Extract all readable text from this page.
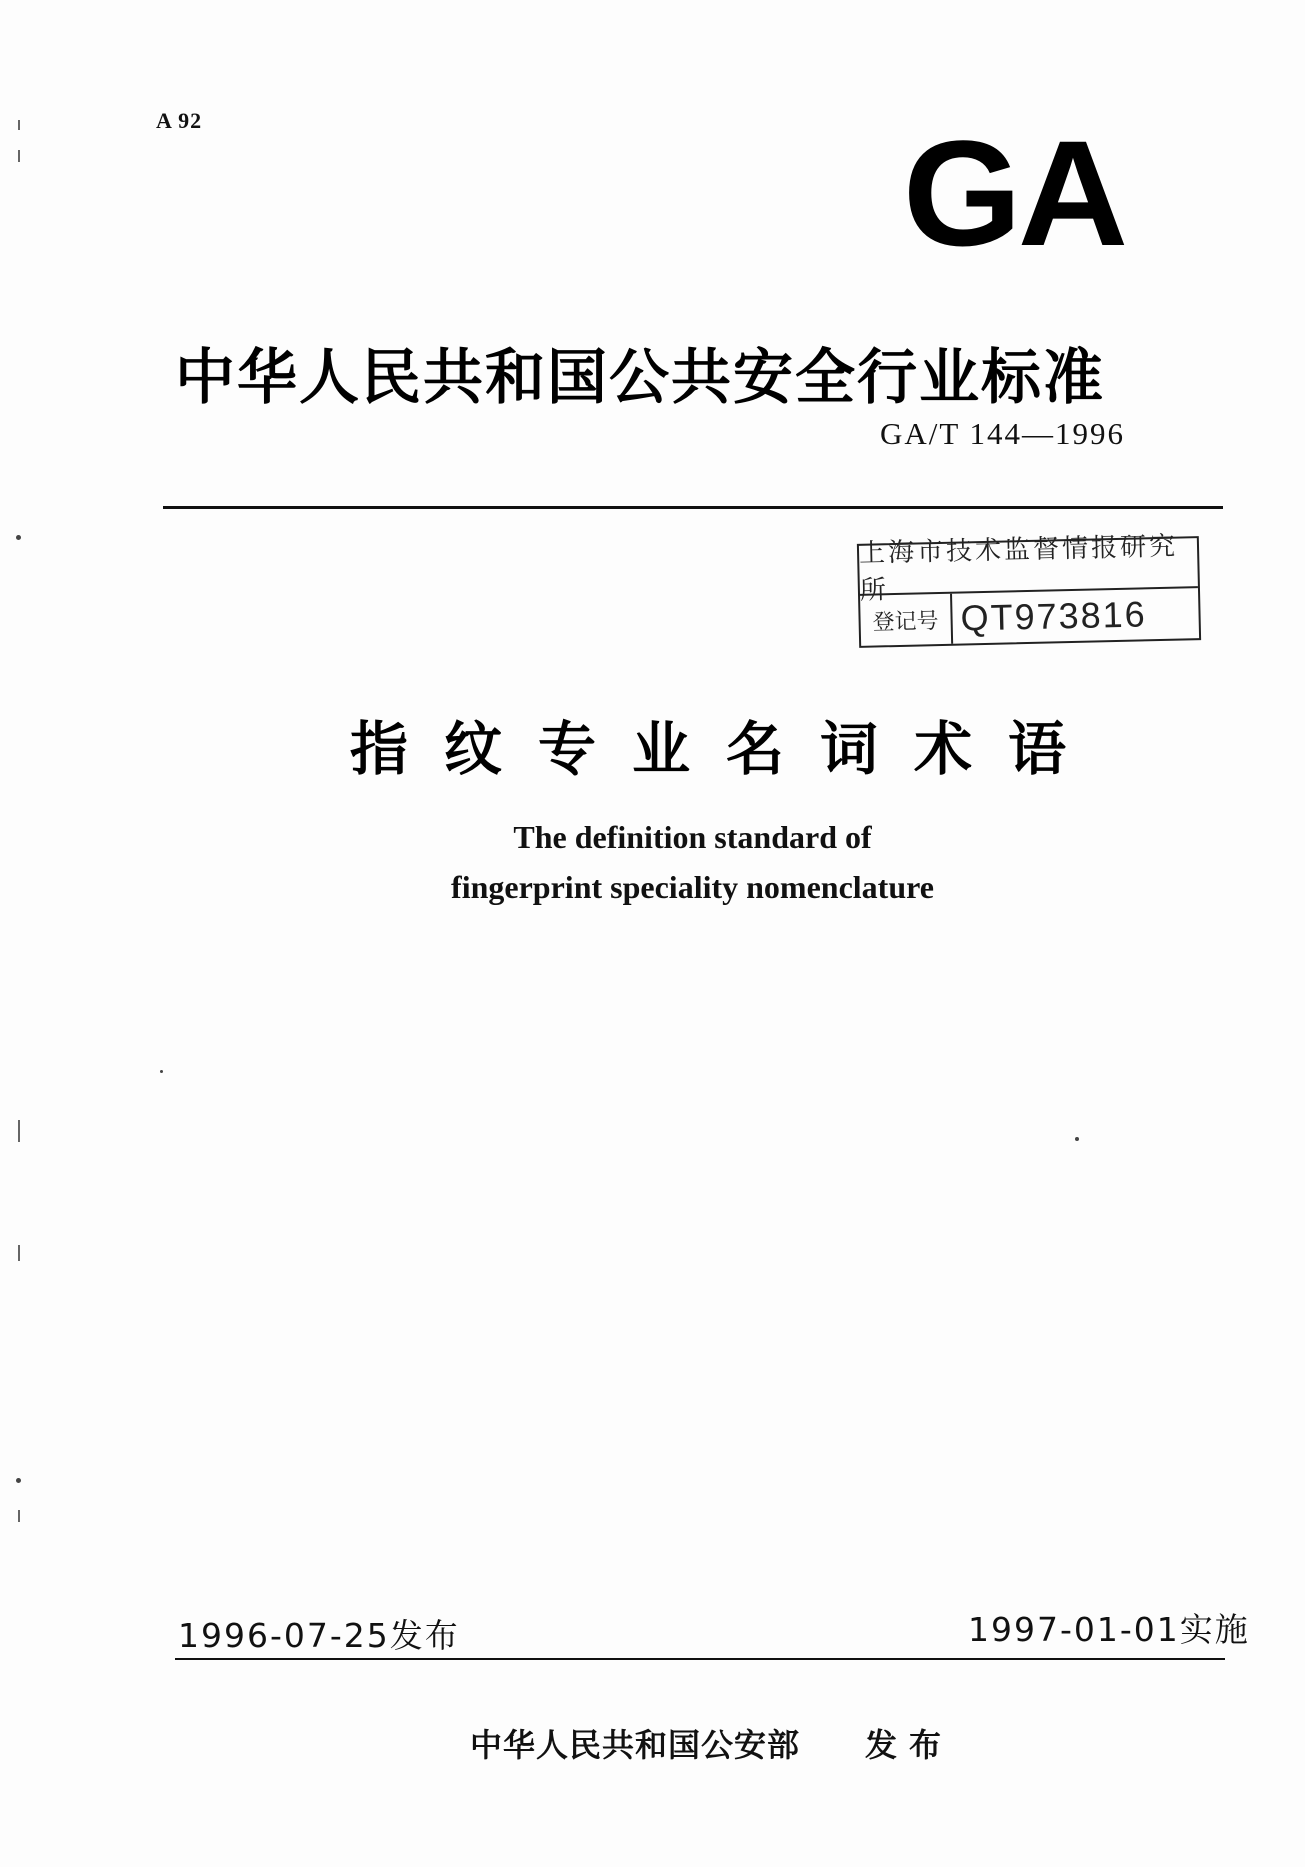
A 92	GA
中华人民共和国公共安全行业标准
GA/T 144—1996
上海市技术监督情报研究所
登记号 QT973816
指纹专业名词术语
The definition standard of
fingerprint speciality nomenclature
1996-07-25发布	1997-01-01实施
中华人民共和国公安部 发布
